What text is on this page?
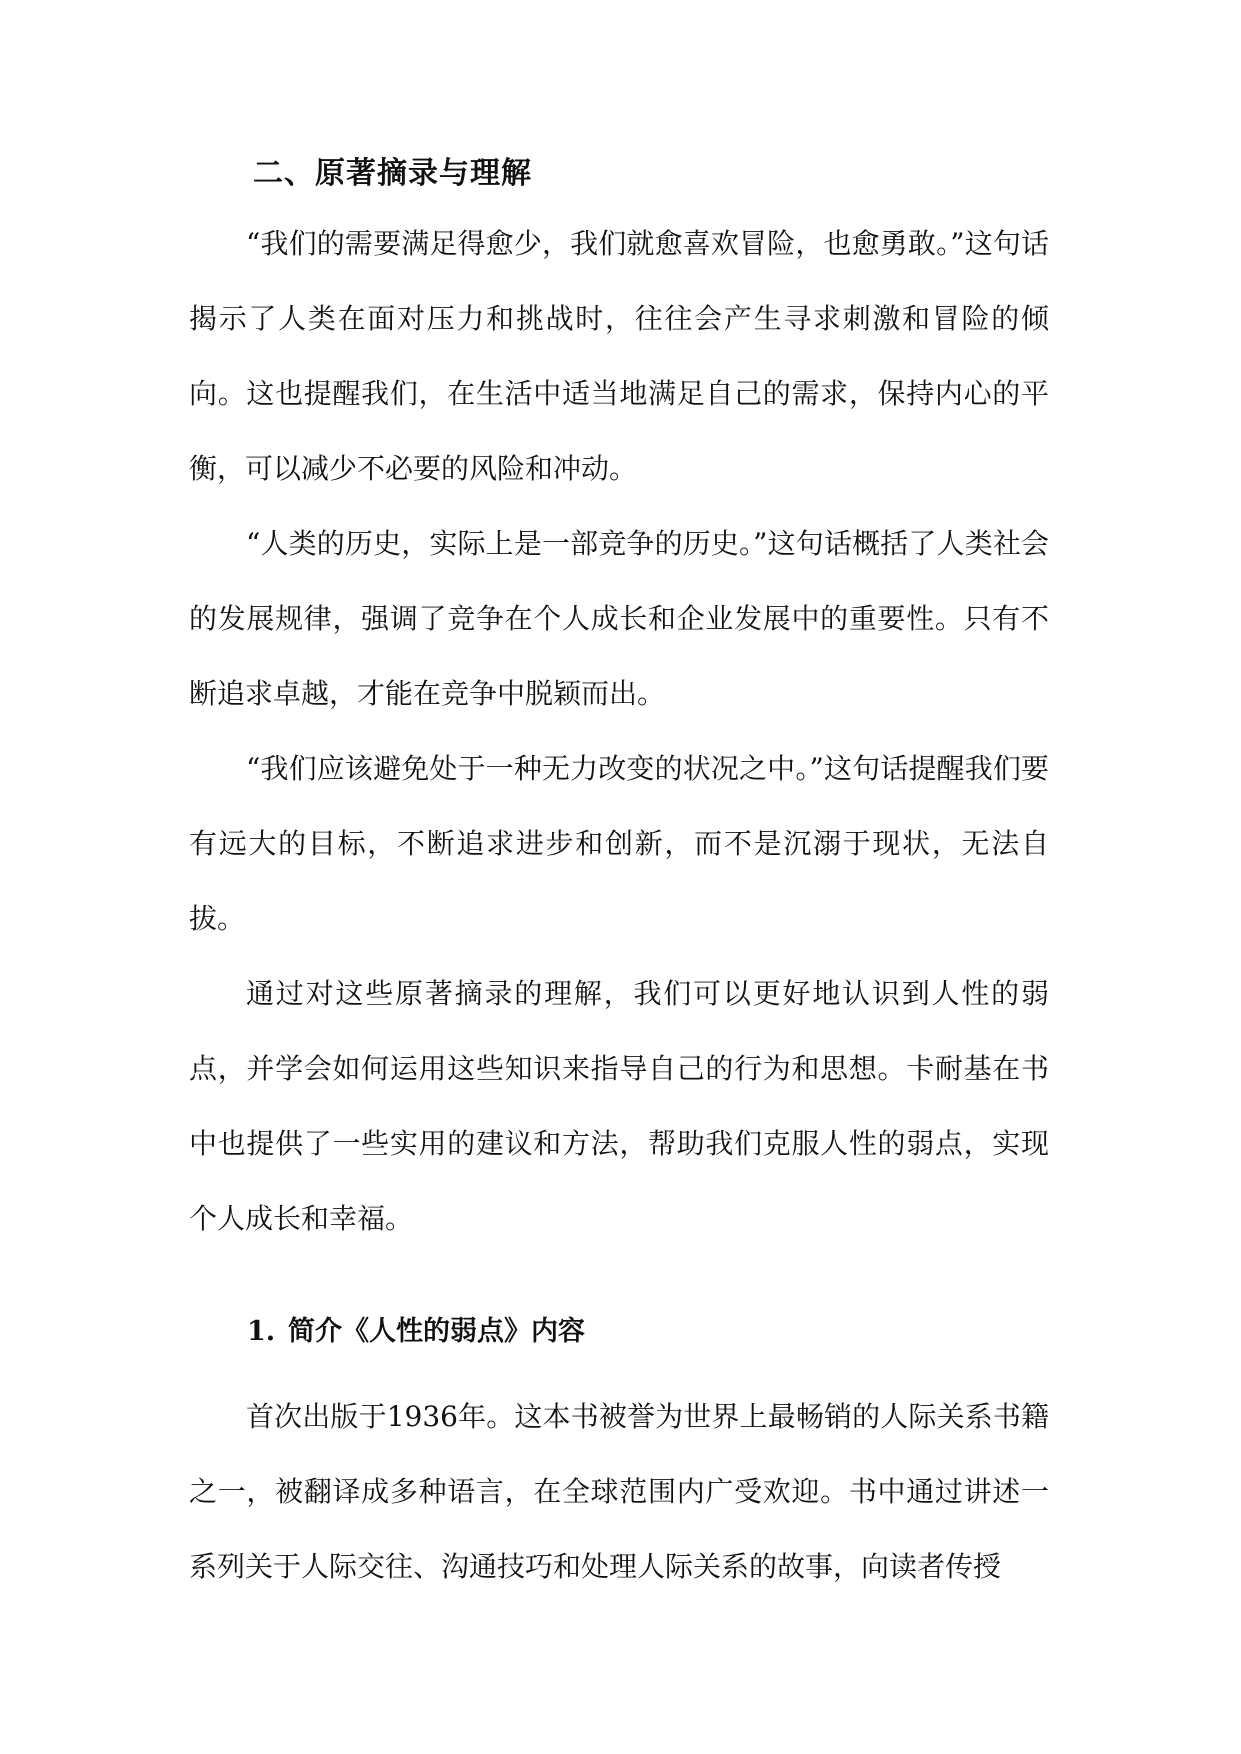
二、原著摘录与理解

“我们的需要满足得愈少，我们就愈喜欢冒险，也愈勇敢。”这句话揭示了人类在面对压力和挑战时，往往会产生寻求刺激和冒险的倾向。这也提醒我们，在生活中适当地满足自己的需求，保持内心的平衡，可以减少不必要的风险和冲动。

“人类的历史，实际上是一部竞争的历史。”这句话概括了人类社会的发展规律，强调了竞争在个人成长和企业发展中的重要性。只有不断追求卓越，才能在竞争中脱颖而出。

“我们应该避免处于一种无力改变的状况之中。”这句话提醒我们要有远大的目标，不断追求进步和创新，而不是沉溺于现状，无法自拔。

通过对这些原著摘录的理解，我们可以更好地认识到人性的弱点，并学会如何运用这些知识来指导自己的行为和思想。卡耐基在书中也提供了一些实用的建议和方法，帮助我们克服人性的弱点，实现个人成长和幸福。

1. 简介《人性的弱点》内容

首次出版于1936年。这本书被誉为世界上最畅销的人际关系书籍之一，被翻译成多种语言，在全球范围内广受欢迎。书中通过讲述一系列关于人际交往、沟通技巧和处理人际关系的故事，向读者传授
